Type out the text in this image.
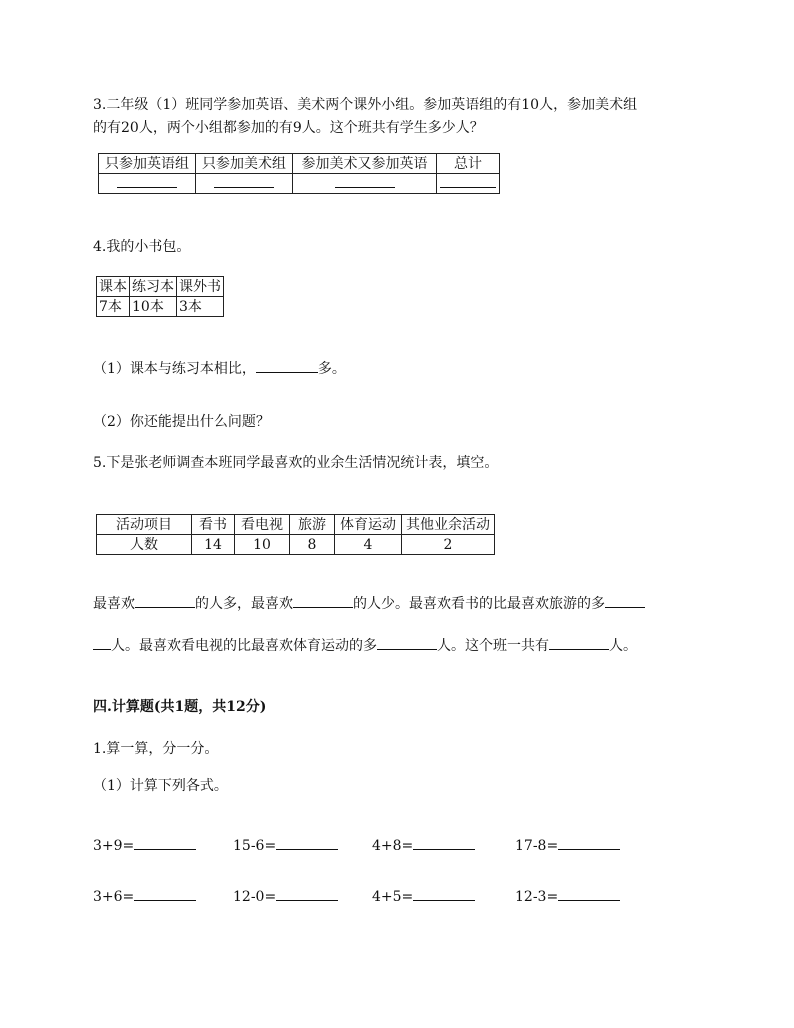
3.二年级（1）班同学参加英语、美术两个课外小组。参加英语组的有10人，参加美术组
的有20人，两个小组都参加的有9人。这个班共有学生多少人？
只参加英语组	只参加美术组	参加美术又参加英语	总计

4.我的小书包。
课本	练习本	课外书
7本	10本	3本
（1）课本与练习本相比，	多。
（2）你还能提出什么问题？
5.下是张老师调查本班同学最喜欢的业余生活情况统计表，填空。
活动项目	看书	看电视	旅游	体育运动	其他业余活动
人数	14	10	8	4	2
最喜欢	的人多，最喜欢	的人少。最喜欢看书的比最喜欢旅游的多
人。最喜欢看电视的比最喜欢体育运动的多	人。这个班一共有	人。
四.计算题(共1题，共12分)
1.算一算，分一分。
（1）计算下列各式。
3+9=	15-6=	4+8=	17-8=
3+6=	12-0=	4+5=	12-3=
